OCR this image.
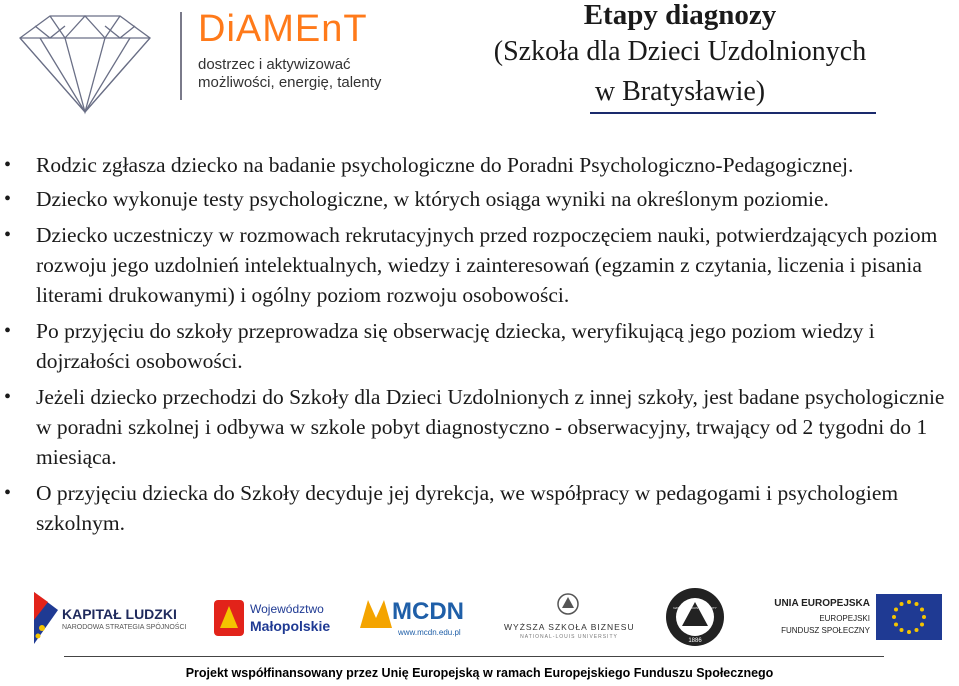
DiAMEnT
dostrzec i aktywizować
możliwości, energię, talenty
Etapy diagnozy
(Szkoła dla Dzieci Uzdolnionych
w Bratysławie)
• Rodzic zgłasza dziecko na badanie psychologiczne do Poradni Psychologiczno-Pedagogicznej.
• Dziecko wykonuje testy psychologiczne, w których osiąga wyniki na określonym poziomie.
• Dziecko uczestniczy w rozmowach rekrutacyjnych przed rozpoczęciem nauki, potwierdzających poziom rozwoju jego uzdolnień intelektualnych, wiedzy i zainteresowań (egzamin z czytania, liczenia i pisania literami drukowanymi) i ogólny poziom rozwoju osobowości.
• Po przyjęciu do szkoły przeprowadza się obserwację dziecka, weryfikującą jego poziom wiedzy i dojrzałości osobowości.
• Jeżeli dziecko przechodzi do Szkoły dla Dzieci Uzdolnionych z innej szkoły, jest badane psychologicznie w poradni szkolnej i odbywa w szkole pobyt diagnostyczno - obserwacyjny, trwający od 2 tygodni do 1 miesiąca.
• O przyjęciu dziecka do Szkoły decyduje jej dyrekcja, we współpracy w pedagogami i psychologiem szkolnym.
KAPITAŁ LUDZKI
NARODOWA STRATEGIA SPÓJNOŚCI
Województwo
Małopolskie
MCDN
www.mcdn.edu.pl
WYŻSZA SZKOŁA BIZNESU
NATIONAL-LOUIS UNIVERSITY
NATIONAL-LOUIS UNIVERSITY
1886
UNIA EUROPEJSKA
EUROPEJSKI
FUNDUSZ SPOŁECZNY
Projekt współfinansowany przez Unię Europejską w ramach Europejskiego Funduszu Społecznego
